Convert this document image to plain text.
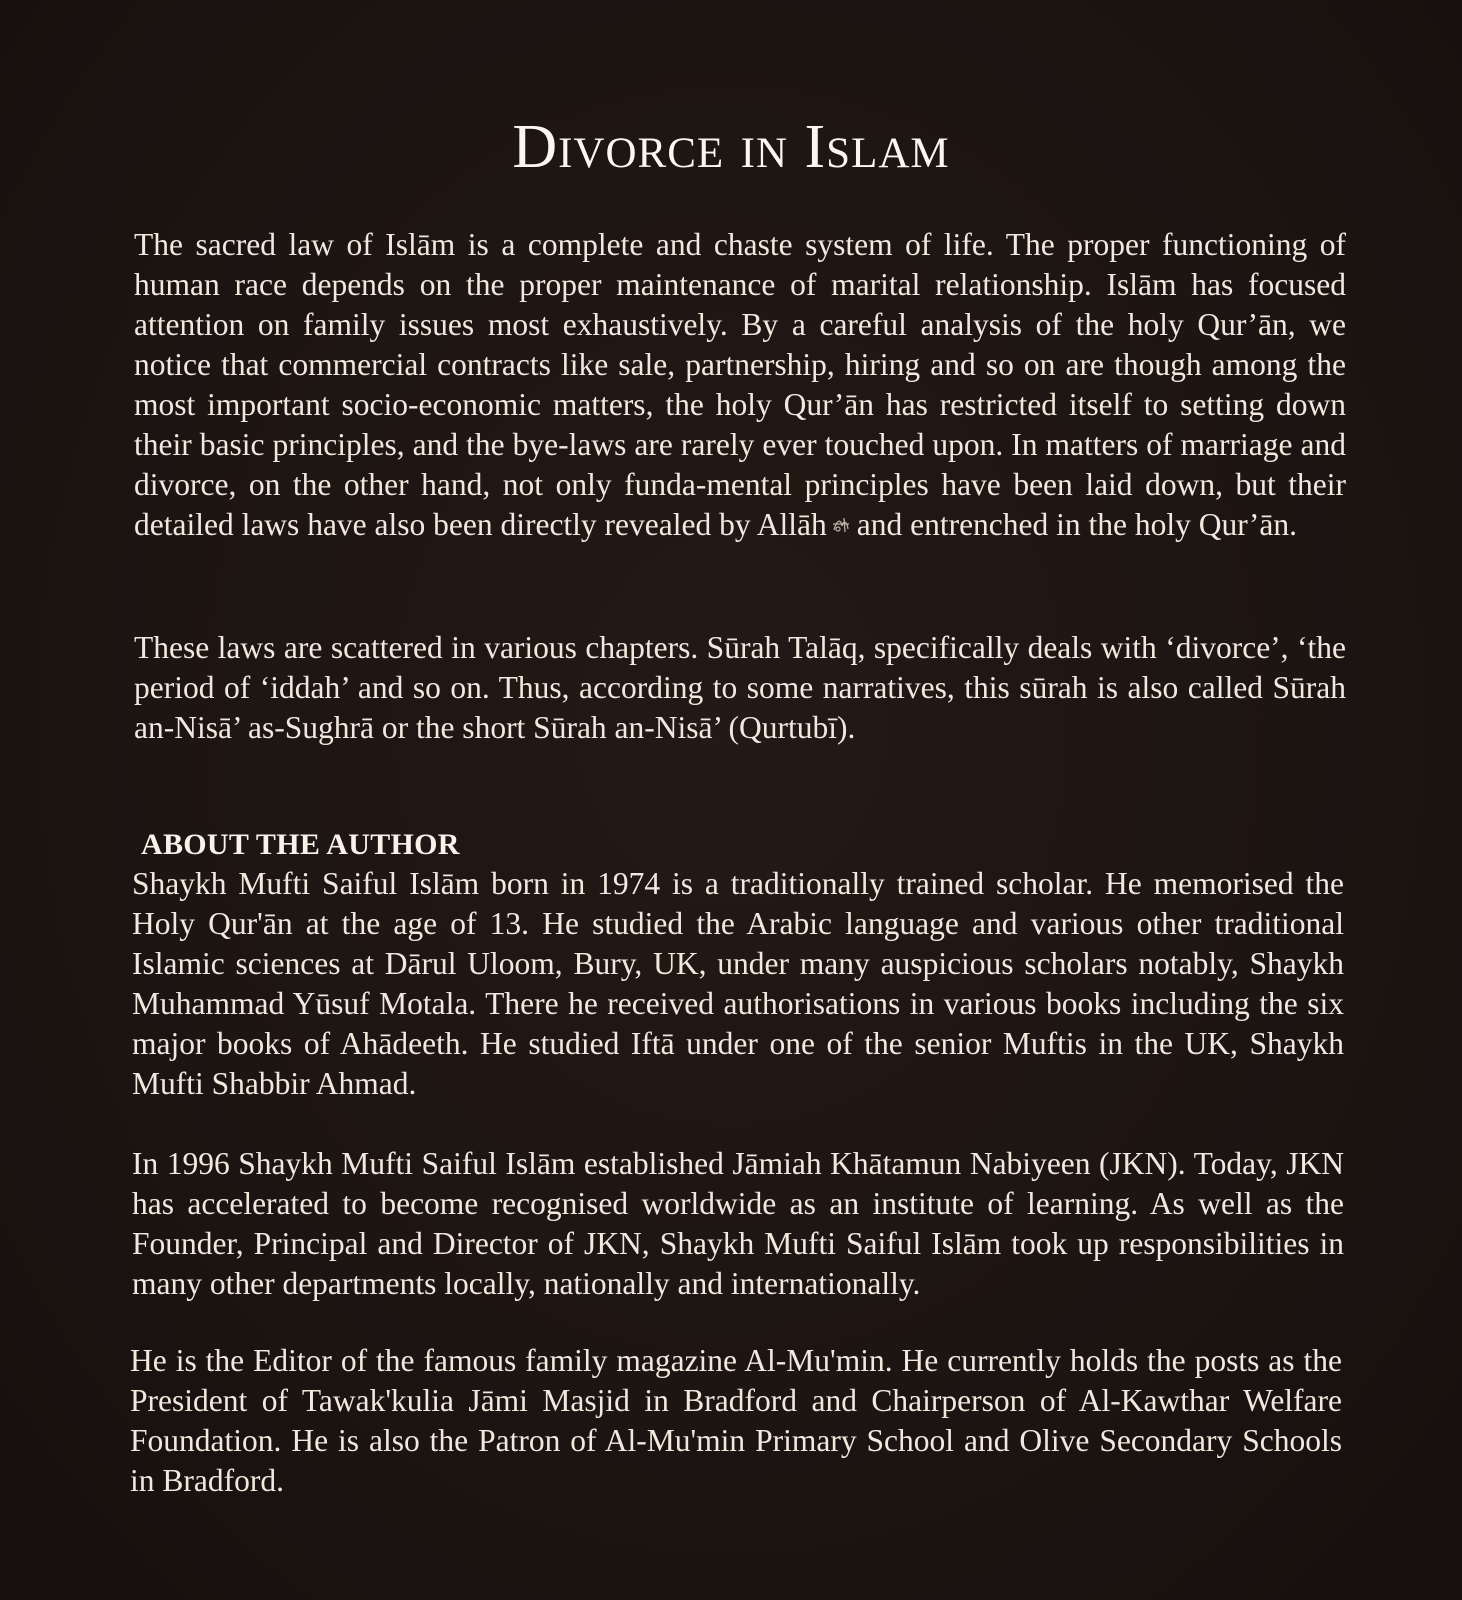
Divorce in Islam

The sacred law of Islām is a complete and chaste system of life. The proper functioning of human race depends on the proper maintenance of marital relationship. Islām has focused attention on family issues most exhaustively. By a careful analysis of the holy Qur’ān, we notice that commercial contracts like sale, partnership, hiring and so on are though among the most important socio-economic matters, the holy Qur’ān has restricted itself to setting down their basic principles, and the bye-laws are rarely ever touched upon. In matters of marriage and divorce, on the other hand, not only funda-mental principles have been laid down, but their detailed laws have also been directly revealed by Allāh and entrenched in the holy Qur’ān.

These laws are scattered in various chapters. Sūrah Talāq, specifically deals with ‘divorce’, ‘the period of ‘iddah’ and so on. Thus, according to some narratives, this sūrah is also called Sūrah an-Nisā’ as-Sughrā or the short Sūrah an-Nisā’ (Qurtubī).

ABOUT THE AUTHOR

Shaykh Mufti Saiful Islām born in 1974 is a traditionally trained scholar. He memorised the Holy Qur'ān at the age of 13. He studied the Arabic language and various other traditional Islamic sciences at Dārul Uloom, Bury, UK, under many auspicious scholars notably, Shaykh Muhammad Yūsuf Motala. There he received authorisations in various books including the six major books of Ahādeeth. He studied Iftā under one of the senior Muftis in the UK, Shaykh Mufti Shabbir Ahmad.

In 1996 Shaykh Mufti Saiful Islām established Jāmiah Khātamun Nabiyeen (JKN). Today, JKN has accelerated to become recognised worldwide as an institute of learning. As well as the Founder, Principal and Director of JKN, Shaykh Mufti Saiful Islām took up responsibilities in many other departments locally, nationally and internationally.

He is the Editor of the famous family magazine Al-Mu'min. He currently holds the posts as the President of Tawak'kulia Jāmi Masjid in Bradford and Chairperson of Al-Kawthar Welfare Foundation. He is also the Patron of Al-Mu'min Primary School and Olive Secondary Schools in Bradford.
